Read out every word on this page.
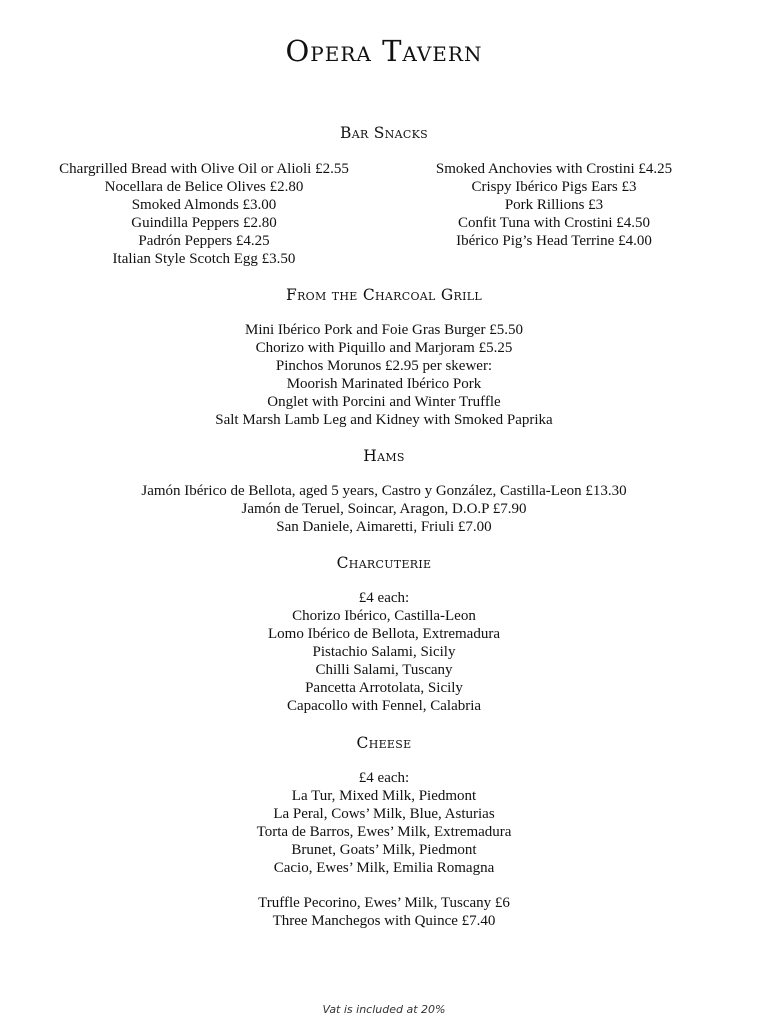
Opera Tavern
Bar Snacks
Chargrilled Bread with Olive Oil or Alioli £2.55
Nocellara de Belice Olives £2.80
Smoked Almonds £3.00
Guindilla Peppers £2.80
Padrón Peppers £4.25
Italian Style Scotch Egg £3.50
Smoked Anchovies with Crostini £4.25
Crispy Ibérico Pigs Ears £3
Pork Rillions £3
Confit Tuna with Crostini £4.50
Ibérico Pig’s Head Terrine £4.00
From the Charcoal Grill
Mini Ibérico Pork and Foie Gras Burger £5.50
Chorizo with Piquillo and Marjoram £5.25
Pinchos Morunos £2.95 per skewer:
Moorish Marinated Ibérico Pork
Onglet with Porcini and Winter Truffle
Salt Marsh Lamb Leg and Kidney with Smoked Paprika
Hams
Jamón Ibérico de Bellota, aged 5 years, Castro y González, Castilla-Leon £13.30
Jamón de Teruel, Soincar, Aragon, D.O.P £7.90
San Daniele, Aimaretti, Friuli £7.00
Charcuterie
£4 each:
Chorizo Ibérico, Castilla-Leon
Lomo Ibérico de Bellota, Extremadura
Pistachio Salami, Sicily
Chilli Salami, Tuscany
Pancetta Arrotolata, Sicily
Capacollo with Fennel, Calabria
Cheese
£4 each:
La Tur, Mixed Milk, Piedmont
La Peral, Cows’ Milk, Blue, Asturias
Torta de Barros, Ewes’ Milk, Extremadura
Brunet, Goats’ Milk, Piedmont
Cacio, Ewes’ Milk, Emilia Romagna
Truffle Pecorino, Ewes’ Milk, Tuscany £6
Three Manchegos with Quince £7.40
Vat is included at 20%
